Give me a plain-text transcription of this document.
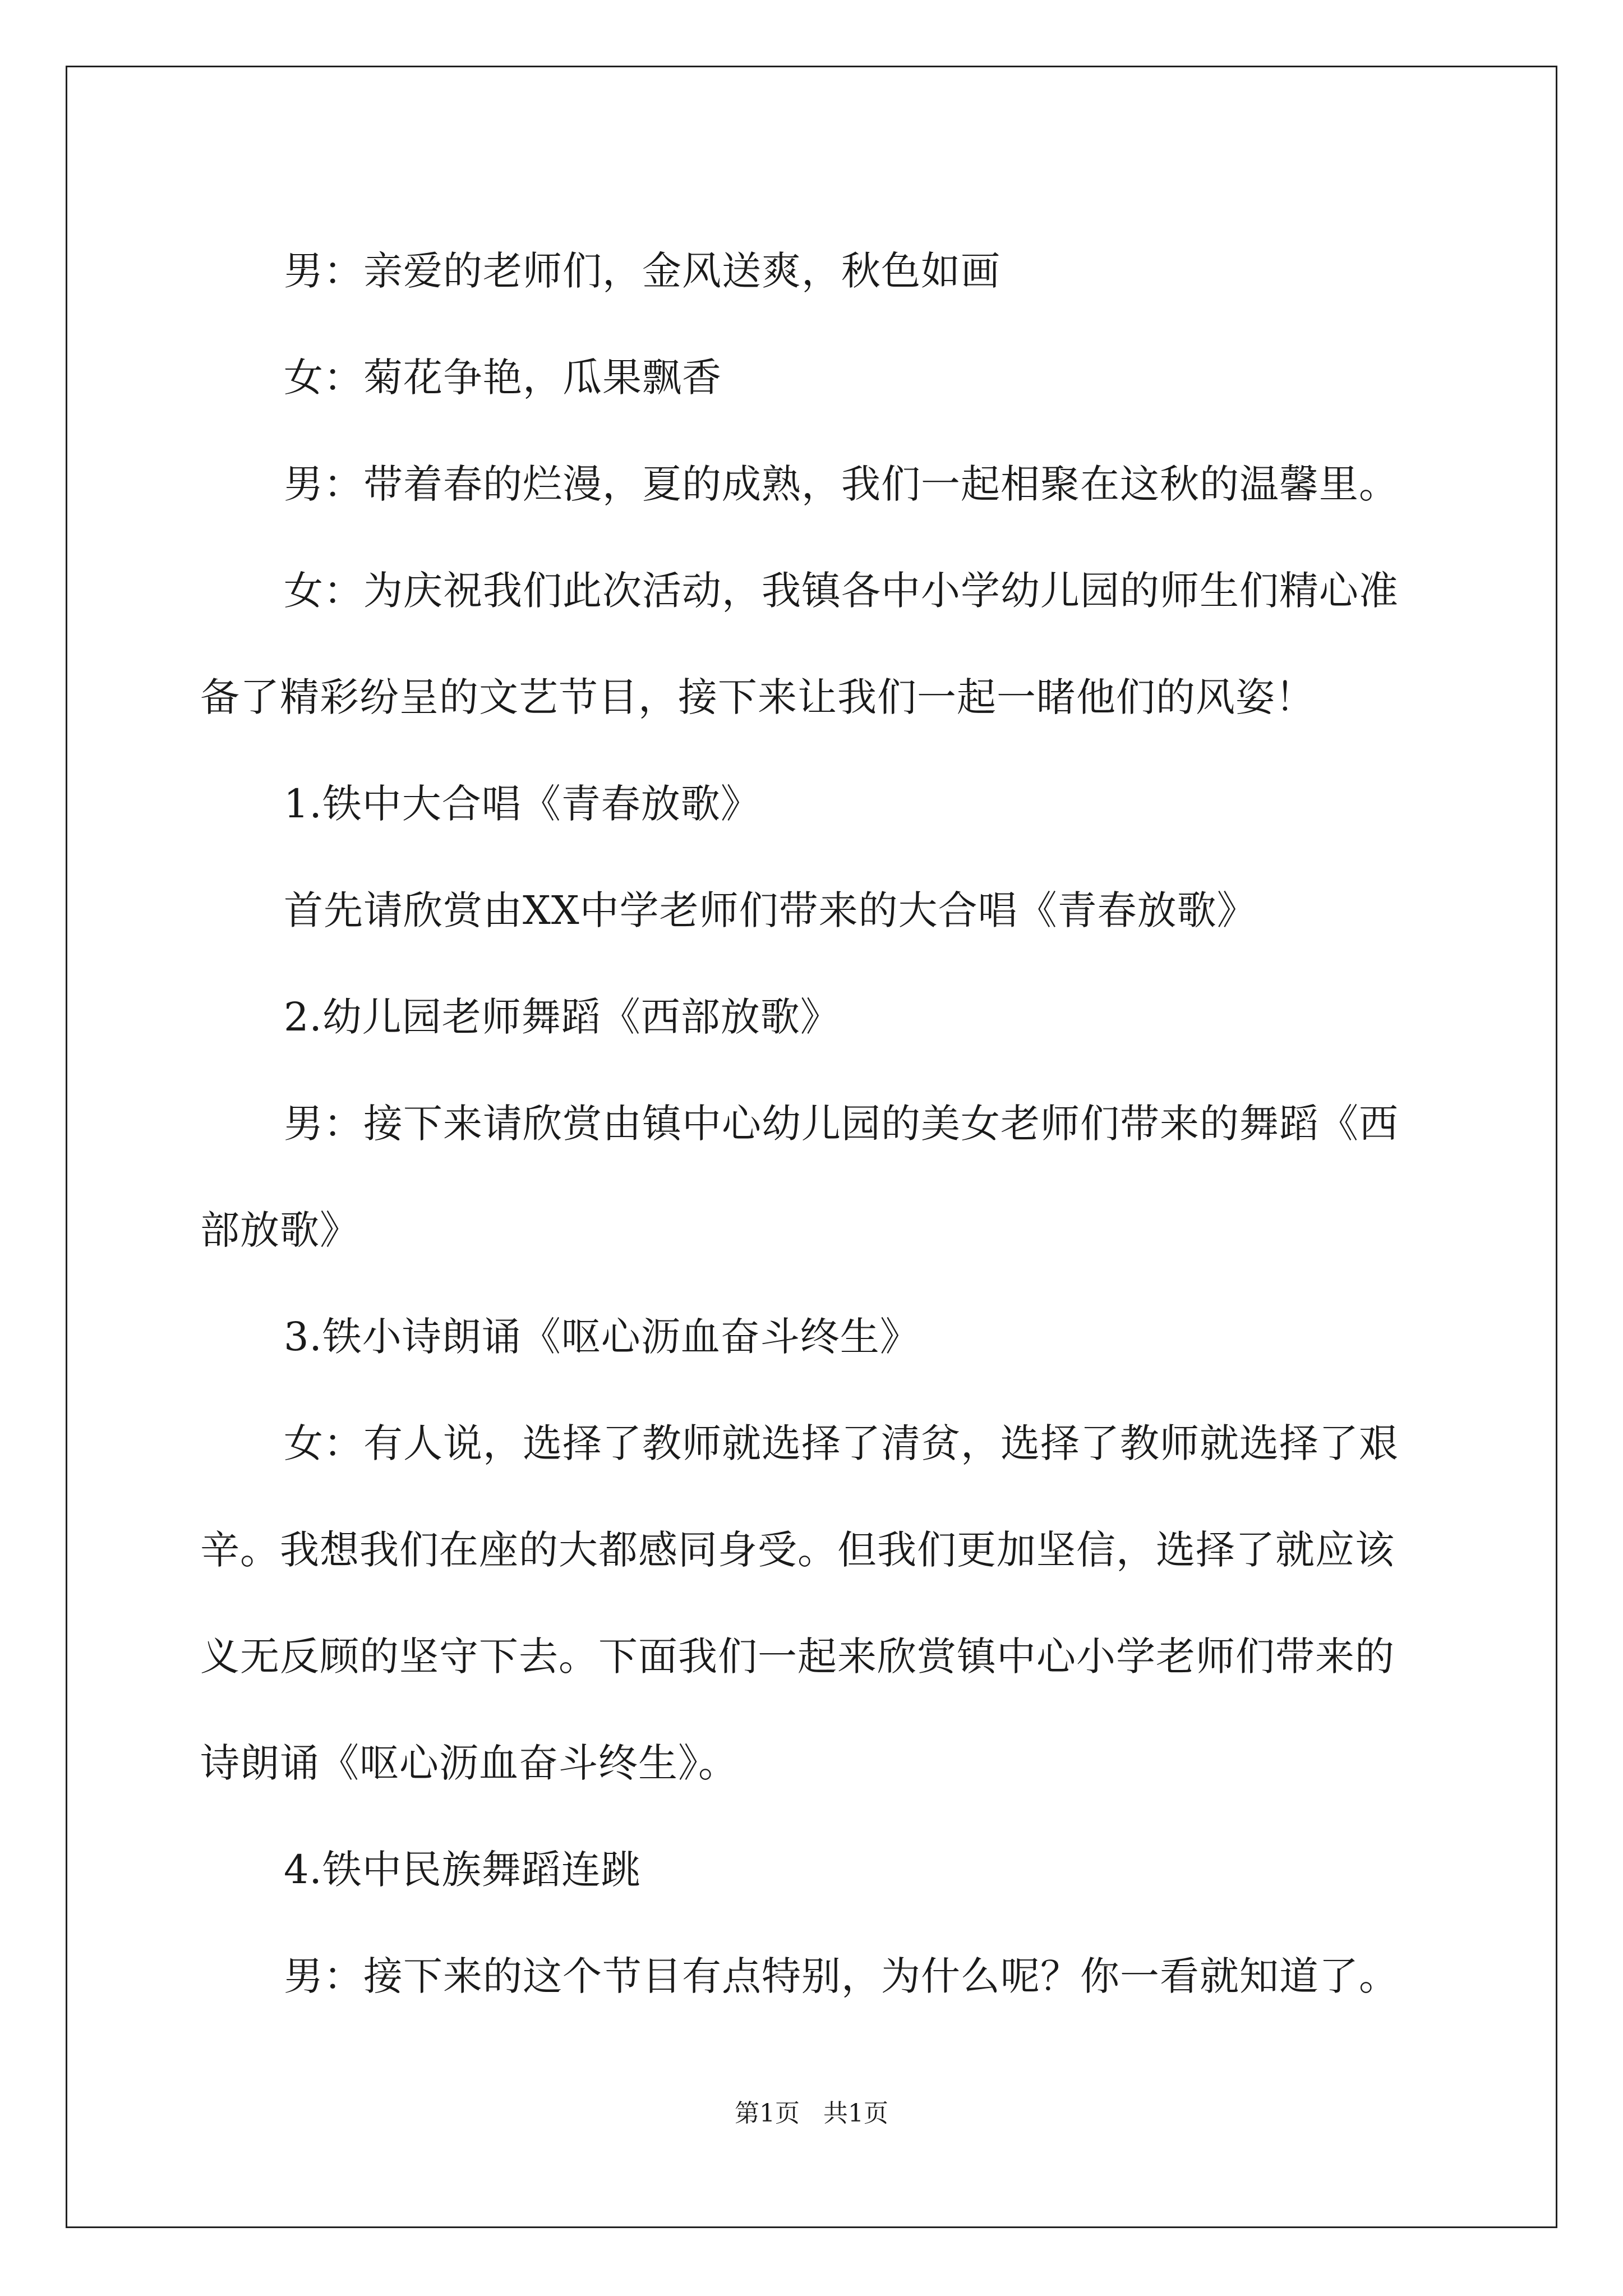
男：亲爱的老师们，金风送爽，秋色如画

女：菊花争艳，瓜果飘香

男：带着春的烂漫，夏的成熟，我们一起相聚在这秋的温馨里。

女：为庆祝我们此次活动，我镇各中小学幼儿园的师生们精心准备了精彩纷呈的文艺节目，接下来让我们一起一睹他们的风姿！

1.铁中大合唱《青春放歌》

首先请欣赏由XX中学老师们带来的大合唱《青春放歌》

2.幼儿园老师舞蹈《西部放歌》

男：接下来请欣赏由镇中心幼儿园的美女老师们带来的舞蹈《西部放歌》

3.铁小诗朗诵《呕心沥血奋斗终生》

女：有人说，选择了教师就选择了清贫，选择了教师就选择了艰辛。我想我们在座的大都感同身受。但我们更加坚信，选择了就应该义无反顾的坚守下去。下面我们一起来欣赏镇中心小学老师们带来的诗朗诵《呕心沥血奋斗终生》。

4.铁中民族舞蹈连跳

男：接下来的这个节目有点特别，为什么呢？你一看就知道了。

第1页   共1页
